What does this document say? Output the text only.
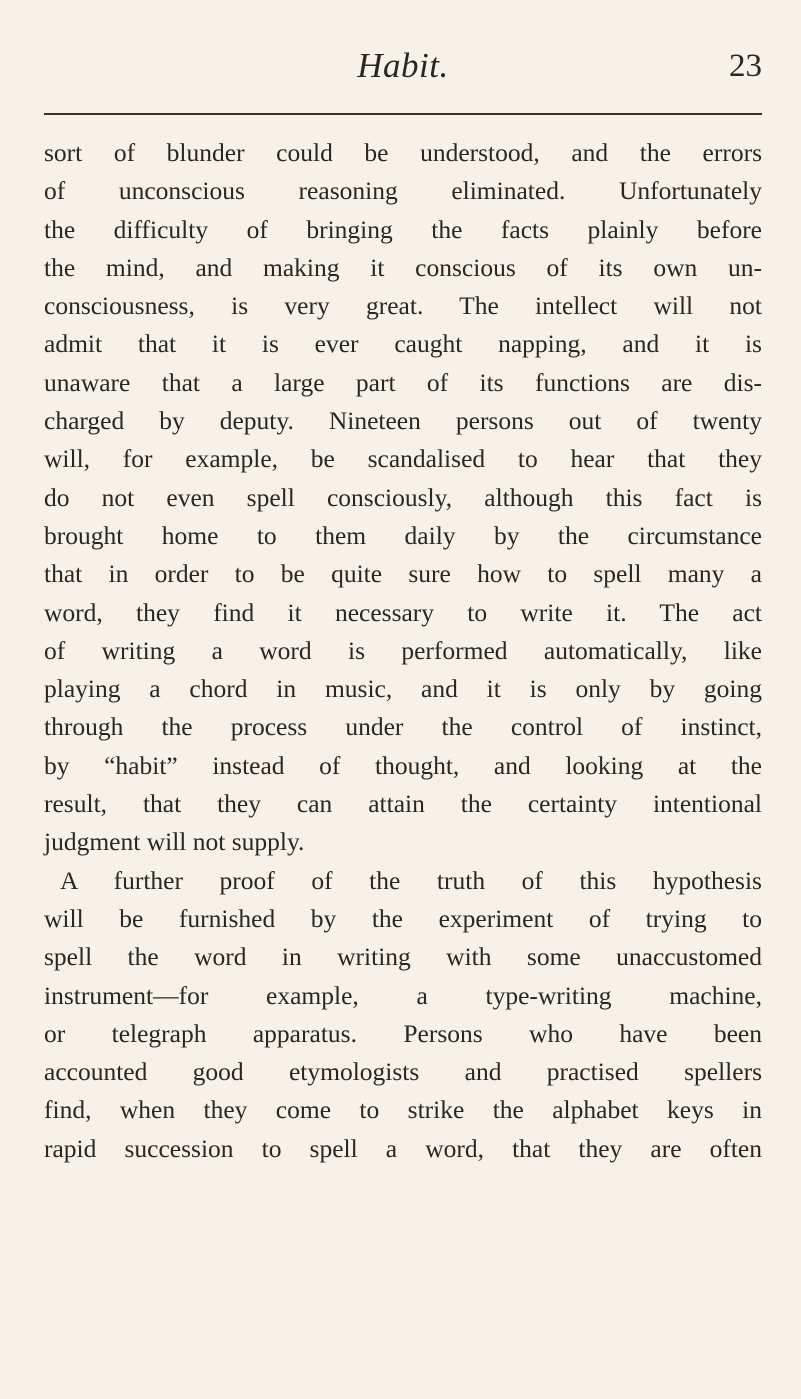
Habit.	23
sort of blunder could be understood, and the errors
of unconscious reasoning eliminated. Unfortunately
the difficulty of bringing the facts plainly before
the mind, and making it conscious of its own un-
consciousness, is very great. The intellect will not
admit that it is ever caught napping, and it is
unaware that a large part of its functions are dis-
charged by deputy. Nineteen persons out of twenty
will, for example, be scandalised to hear that they
do not even spell consciously, although this fact is
brought home to them daily by the circumstance
that in order to be quite sure how to spell many a
word, they find it necessary to write it. The act
of writing a word is performed automatically, like
playing a chord in music, and it is only by going
through the process under the control of instinct,
by “habit” instead of thought, and looking at the
result, that they can attain the certainty intentional
judgment will not supply.
A further proof of the truth of this hypothesis
will be furnished by the experiment of trying to
spell the word in writing with some unaccustomed
instrument—for example, a type-writing machine,
or telegraph apparatus. Persons who have been
accounted good etymologists and practised spellers
find, when they come to strike the alphabet keys in
rapid succession to spell a word, that they are often
